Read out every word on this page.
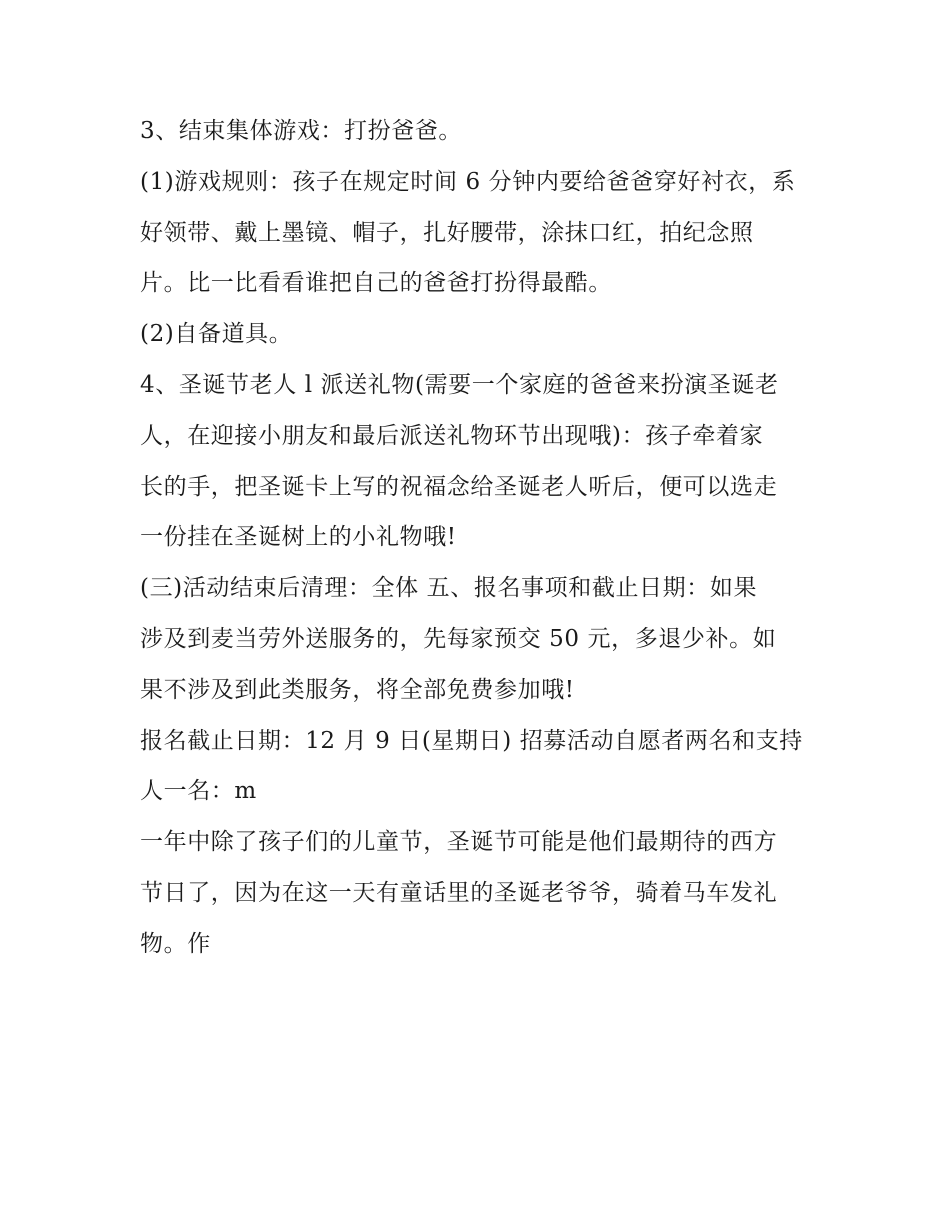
3、结束集体游戏：打扮爸爸。
(1)游戏规则：孩子在规定时间 6 分钟内要给爸爸穿好衬衣，系
好领带、戴上墨镜、帽子，扎好腰带，涂抹口红，拍纪念照
片。比一比看看谁把自己的爸爸打扮得最酷。
(2)自备道具。
4、圣诞节老人 l 派送礼物(需要一个家庭的爸爸来扮演圣诞老
人，在迎接小朋友和最后派送礼物环节出现哦)：孩子牵着家
长的手，把圣诞卡上写的祝福念给圣诞老人听后，便可以选走
一份挂在圣诞树上的小礼物哦!
(三)活动结束后清理：全体 五、报名事项和截止日期：如果
涉及到麦当劳外送服务的，先每家预交 50 元，多退少补。如
果不涉及到此类服务，将全部免费参加哦!
报名截止日期：12 月 9 日(星期日) 招募活动自愿者两名和支持
人一名：m
一年中除了孩子们的儿童节，圣诞节可能是他们最期待的西方
节日了，因为在这一天有童话里的圣诞老爷爷，骑着马车发礼
物。作
